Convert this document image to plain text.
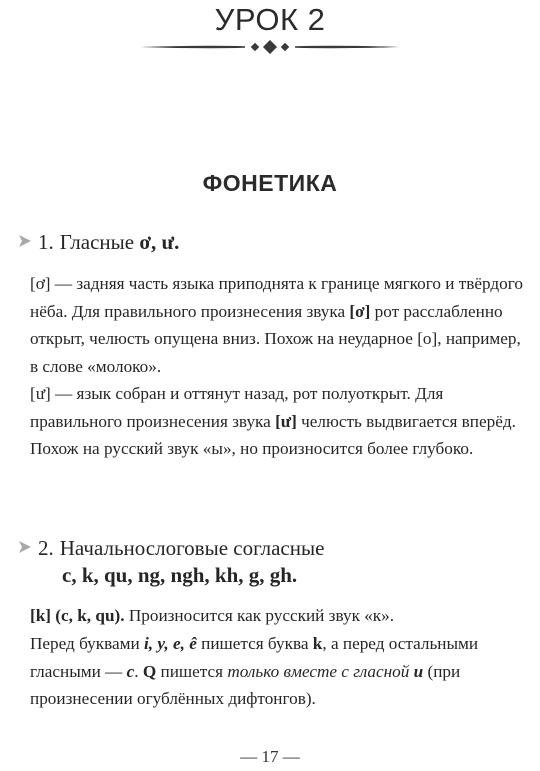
УРОК 2
ФОНЕТИКА
1. Гласные ơ, ư.

[ơ] — задняя часть языка приподнята к границе мягкого и твёрдого нёба. Для правильного произнесения звука [ơ] рот расслабленно открыт, челюсть опущена вниз. Похож на неударное [o], например, в слове «молоко».

[ư] — язык собран и оттянут назад, рот полуоткрыт. Для правильного произнесения звука [ư] челюсть выдвигается вперёд. Похож на русский звук «ы», но произносится более глубоко.

2. Начальнослоговые согласные
c, k, qu, ng, ngh, kh, g, gh.

[k] (c, k, qu). Произносится как русский звук «к».

Перед буквами i, y, e, ê пишется буква k, а перед остальными гласными — c. Q пишется только вместе с гласной u (при произнесении огублённых дифтонгов).

— 17 —
